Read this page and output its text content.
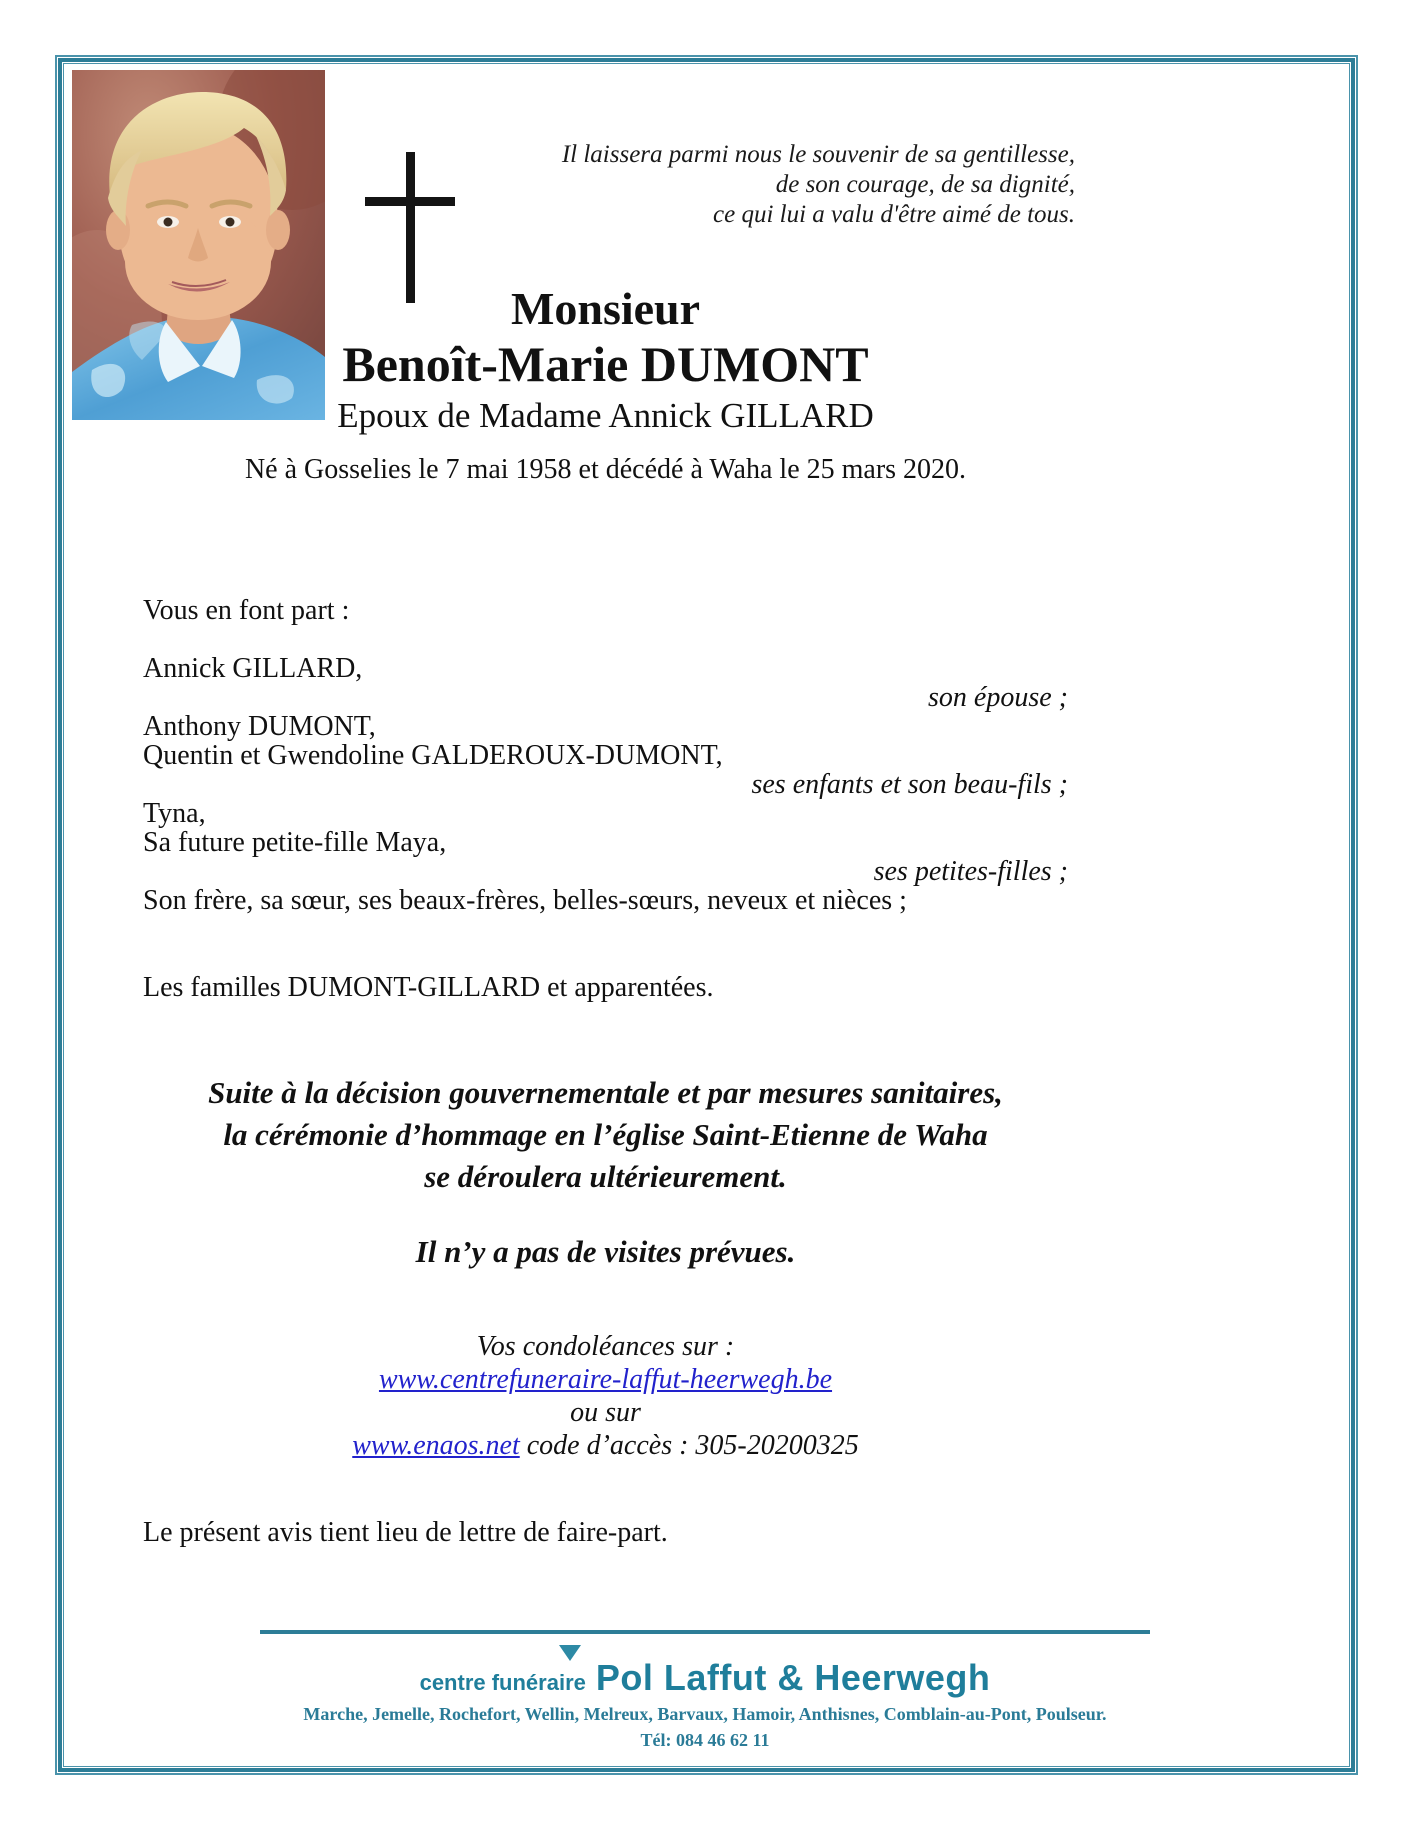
Il laissera parmi nous le souvenir de sa gentillesse,
de son courage, de sa dignité,
ce qui lui a valu d'être aimé de tous.
Monsieur
Benoît-Marie DUMONT
Epoux de Madame Annick GILLARD
Né à Gosselies le 7 mai 1958 et décédé à Waha le 25 mars 2020.
Vous en font part :
Annick GILLARD,
son épouse ;
Anthony DUMONT,
Quentin et Gwendoline GALDEROUX-DUMONT,
ses enfants et son beau-fils ;
Tyna,
Sa future petite-fille Maya,
ses petites-filles ;
Son frère, sa sœur, ses beaux-frères, belles-sœurs, neveux et nièces ;
Les familles DUMONT-GILLARD et apparentées.
Suite à la décision gouvernementale et par mesures sanitaires,
la cérémonie d’hommage en l’église Saint-Etienne de Waha
se déroulera ultérieurement.
Il n’y a pas de visites prévues.
Vos condoléances sur :
www.centrefuneraire-laffut-heerwegh.be
ou sur
www.enaos.net code d’accès : 305-20200325
Le présent avis tient lieu de lettre de faire-part.
centre funéraire Pol Laffut & Heerwegh
Marche, Jemelle, Rochefort, Wellin, Melreux, Barvaux, Hamoir, Anthisnes, Comblain-au-Pont, Poulseur.
Tél: 084 46 62 11
